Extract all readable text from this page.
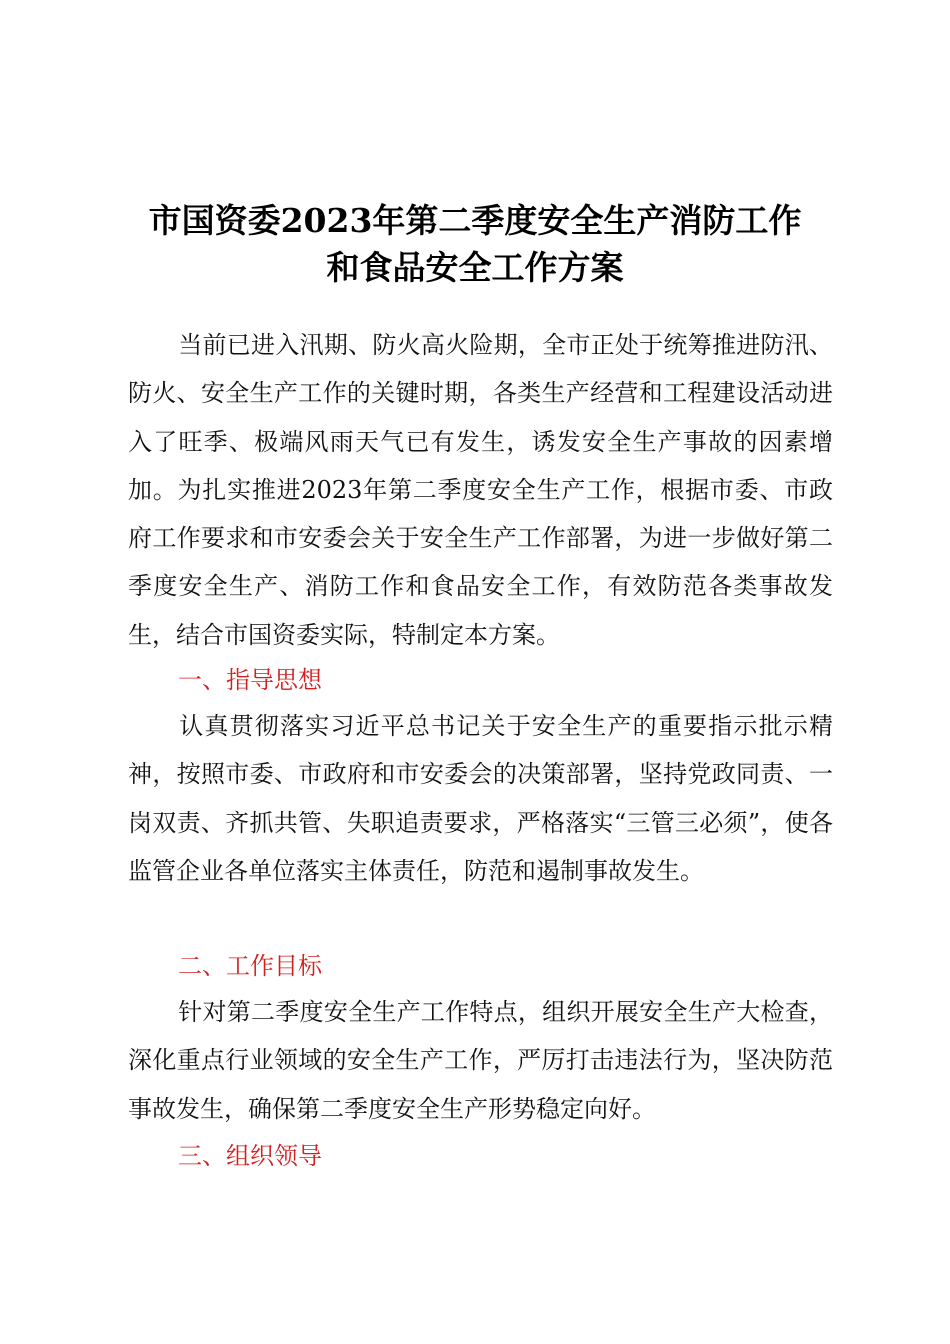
市国资委2023年第二季度安全生产消防工作
和食品安全工作方案

当前已进入汛期、防火高火险期，全市正处于统筹推进防汛、防火、安全生产工作的关键时期，各类生产经营和工程建设活动进入了旺季、极端风雨天气已有发生，诱发安全生产事故的因素增加。为扎实推进2023年第二季度安全生产工作，根据市委、市政府工作要求和市安委会关于安全生产工作部署，为进一步做好第二季度安全生产、消防工作和食品安全工作，有效防范各类事故发生，结合市国资委实际，特制定本方案。

一、指导思想

认真贯彻落实习近平总书记关于安全生产的重要指示批示精神，按照市委、市政府和市安委会的决策部署，坚持党政同责、一岗双责、齐抓共管、失职追责要求，严格落实“三管三必须”，使各监管企业各单位落实主体责任，防范和遏制事故发生。

二、工作目标

针对第二季度安全生产工作特点，组织开展安全生产大检查，深化重点行业领域的安全生产工作，严厉打击违法行为，坚决防范事故发生，确保第二季度安全生产形势稳定向好。

三、组织领导
